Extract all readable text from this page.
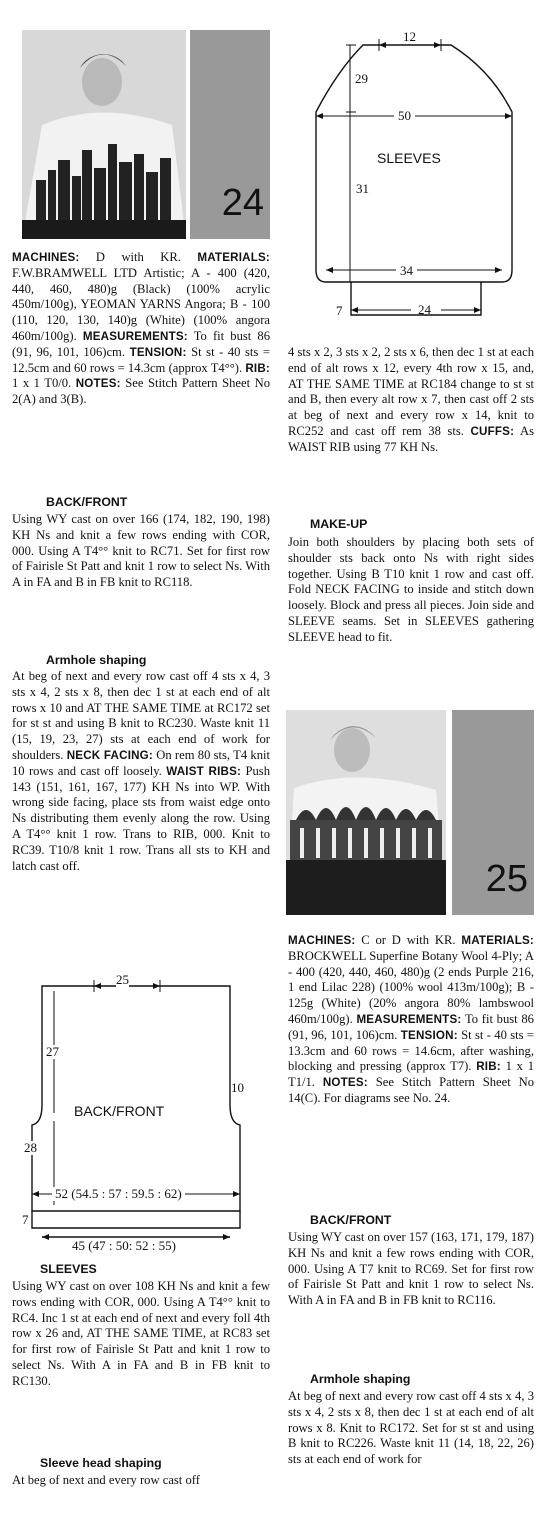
24

MACHINES: D with KR. MATERIALS: F.W.BRAMWELL LTD Artistic; A - 400 (420, 440, 460, 480)g (Black) (100% acrylic 450m/100g), YEOMAN YARNS Angora; B - 100 (110, 120, 130, 140)g (White) (100% angora 460m/100g). MEASUREMENTS: To fit bust 86 (91, 96, 101, 106)cm. TENSION: St st - 40 sts = 12.5cm and 60 rows = 14.3cm (approx T4°°). RIB: 1 x 1 T0/0. NOTES: See Stitch Pattern Sheet No 2(A) and 3(B).

BACK/FRONT

Using WY cast on over 166 (174, 182, 190, 198) KH Ns and knit a few rows ending with COR, 000. Using A T4°° knit to RC71. Set for first row of Fairisle St Patt and knit 1 row to select Ns. With A in FA and B in FB knit to RC118.

Armhole shaping

At beg of next and every row cast off 4 sts x 4, 3 sts x 4, 2 sts x 8, then dec 1 st at each end of alt rows x 10 and AT THE SAME TIME at RC172 set for st st and using B knit to RC230. Waste knit 11 (15, 19, 23, 27) sts at each end of work for shoulders. NECK FACING: On rem 80 sts, T4 knit 10 rows and cast off loosely. WAIST RIBS: Push 143 (151, 161, 167, 177) KH Ns into WP. With wrong side facing, place sts from waist edge onto Ns distributing them evenly along the row. Using A T4°° knit 1 row. Trans to RIB, 000. Knit to RC39. T10/8 knit 1 row. Trans all sts to KH and latch cast off.

25
27
10
BACK/FRONT
28
52 (54.5 : 57 : 59.5 : 62)
7
45 (47 : 50: 52 : 55)
SLEEVES

Using WY cast on over 108 KH Ns and knit a few rows ending with COR, 000. Using A T4°° knit to RC4. Inc 1 st at each end of next and every foll 4th row x 26 and, AT THE SAME TIME, at RC83 set for first row of Fairisle St Patt and knit 1 row to select Ns. With A in FA and B in FB knit to RC130.

Sleeve head shaping

At beg of next and every row cast off

12
29
50
SLEEVES
31
34
7	24

4 sts x 2, 3 sts x 2, 2 sts x 6, then dec 1 st at each end of alt rows x 12, every 4th row x 15, and, AT THE SAME TIME at RC184 change to st st and B, then every alt row x 7, then cast off 2 sts at beg of next and every row x 14, knit to RC252 and cast off rem 38 sts. CUFFS: As WAIST RIB using 77 KH Ns.

MAKE-UP

Join both shoulders by placing both sets of shoulder sts back onto Ns with right sides together. Using B T10 knit 1 row and cast off. Fold NECK FACING to inside and stitch down loosely. Block and press all pieces. Join side and SLEEVE seams. Set in SLEEVES gathering SLEEVE head to fit.

25

MACHINES: C or D with KR. MATERIALS: BROCKWELL Superfine Botany Wool 4-Ply; A - 400 (420, 440, 460, 480)g (2 ends Purple 216, 1 end Lilac 228) (100% wool 413m/100g); B - 125g (White) (20% angora 80% lambswool 460m/100g). MEASUREMENTS: To fit bust 86 (91, 96, 101, 106)cm. TENSION: St st - 40 sts = 13.3cm and 60 rows = 14.6cm, after washing, blocking and pressing (approx T7). RIB: 1 x 1 T1/1. NOTES: See Stitch Pattern Sheet No 14(C). For diagrams see No. 24.

BACK/FRONT

Using WY cast on over 157 (163, 171, 179, 187) KH Ns and knit a few rows ending with COR, 000. Using A T7 knit to RC69. Set for first row of Fairisle St Patt and knit 1 row to select Ns. With A in FA and B in FB knit to RC116.

Armhole shaping

At beg of next and every row cast off 4 sts x 4, 3 sts x 4, 2 sts x 8, then dec 1 st at each end of alt rows x 8. Knit to RC172. Set for st st and using B knit to RC226. Waste knit 11 (14, 18, 22, 26) sts at each end of work for
